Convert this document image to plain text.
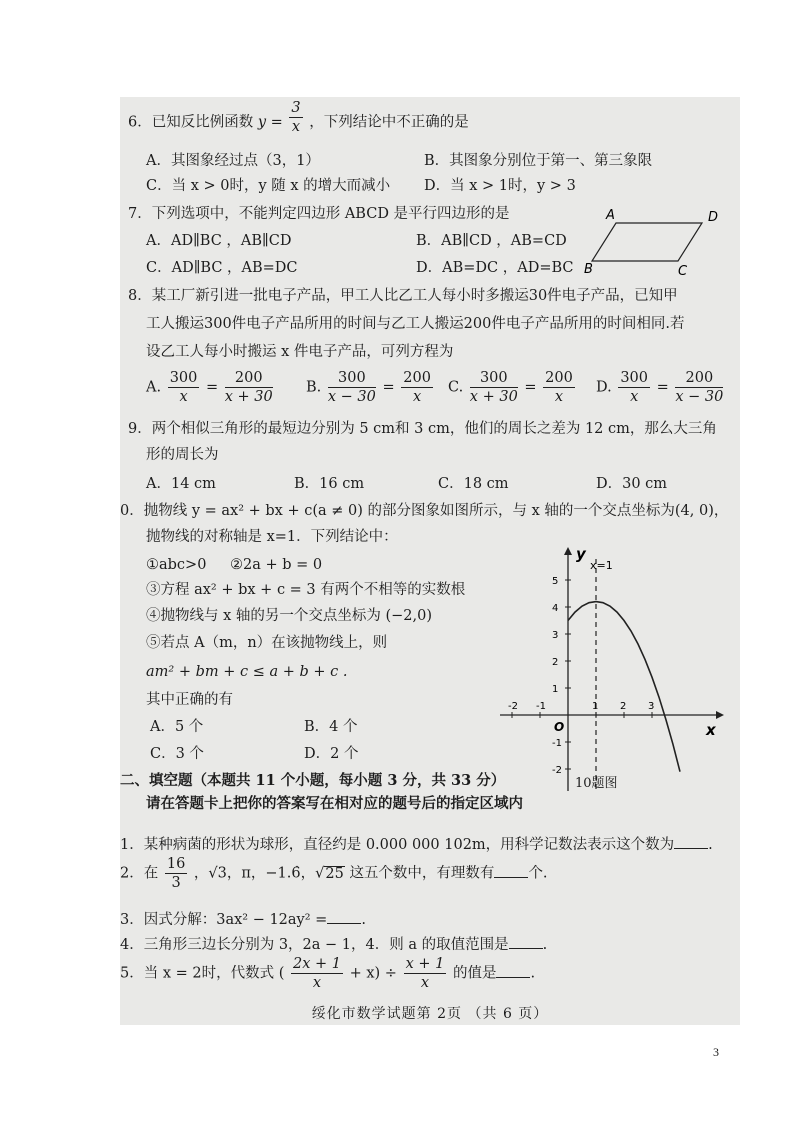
6．已知反比例函数 $y = \frac{3}{x}$ ，下列结论中不正确的是
A．其图象经过点（3，1）	B．其图象分别位于第一、第三象限
C．当 x > 0时，y 随 x 的增大而减小 D．当 x > 1时，y > 3
7．下列选项中，不能判定四边形 ABCD 是平行四边形的是
A．AD∥BC ，AB∥CD	B．AB∥CD ，AB=CD
C．AD∥BC ，AB=DC	D．AB=DC ，AD=BC
A	D
B	C
8．某工厂新引进一批电子产品，甲工人比乙工人每小时多搬运30件电子产品，已知甲
工人搬运300件电子产品所用的时间与乙工人搬运200件电子产品所用的时间相同.若
设乙工人每小时搬运 x 件电子产品，可列方程为
A. $\frac{300}{x} = \frac{200}{x + 30} B$. $\frac{300}{x - 30} = \frac{200}{x} C$. $\frac{300}{x + 30} = \frac{200}{x} D$. $\frac{300}{x} = \frac{200}{x - 30}$
9．两个相似三角形的最短边分别为 5 cm和 3 cm，他们的周长之差为 12 cm，那么大三角
形的周长为
A．14 cm	B．16 cm	C．18 cm	D．30 cm
0．抛物线 y = ax² + bx + c(a ≠ 0) 的部分图象如图所示，与 x 轴的一个交点坐标为(4, 0)，
抛物线的对称轴是 x=1．下列结论中：
①abc>0 ②2a + b = 0
③方程 ax² + bx + c = 3 有两个不相等的实数根
④抛物线与 x 轴的另一个交点坐标为 (−2,0)
⑤若点 A（m，n）在该抛物线上，则
am² + bm + c ≤ a + b + c .
其中正确的有
A．5 个	B．4 个
C．3 个	D．2 个
-2 -1	1 2 3
5
4
3
2
1
-1
-2
x=1
O	x
y
10题图
二、填空题（本题共 11 个小题，每小题 3 分，共 33 分）
请在答题卡上把你的答案写在相对应的题号后的指定区域内
1．某种病菌的形状为球形，直径约是 0.000 000 102m，用科学记数法表示这个数为 .
2．在 $\frac{16}{3}$ ，√3，π，−1.6̇，√25 这五个数中，有理数有 个.
3．因式分解：3ax² − 12ay² = .
4．三角形三边长分别为 3，2a − 1，4．则 a 的取值范围是 .
5．当 x = 2时，代数式 ( $\frac{2x + 1}{x} + x) \div \frac{x + 1}{x}$ 的值是 .
绥化市数学试题第 2页 （共 6 页）
3
